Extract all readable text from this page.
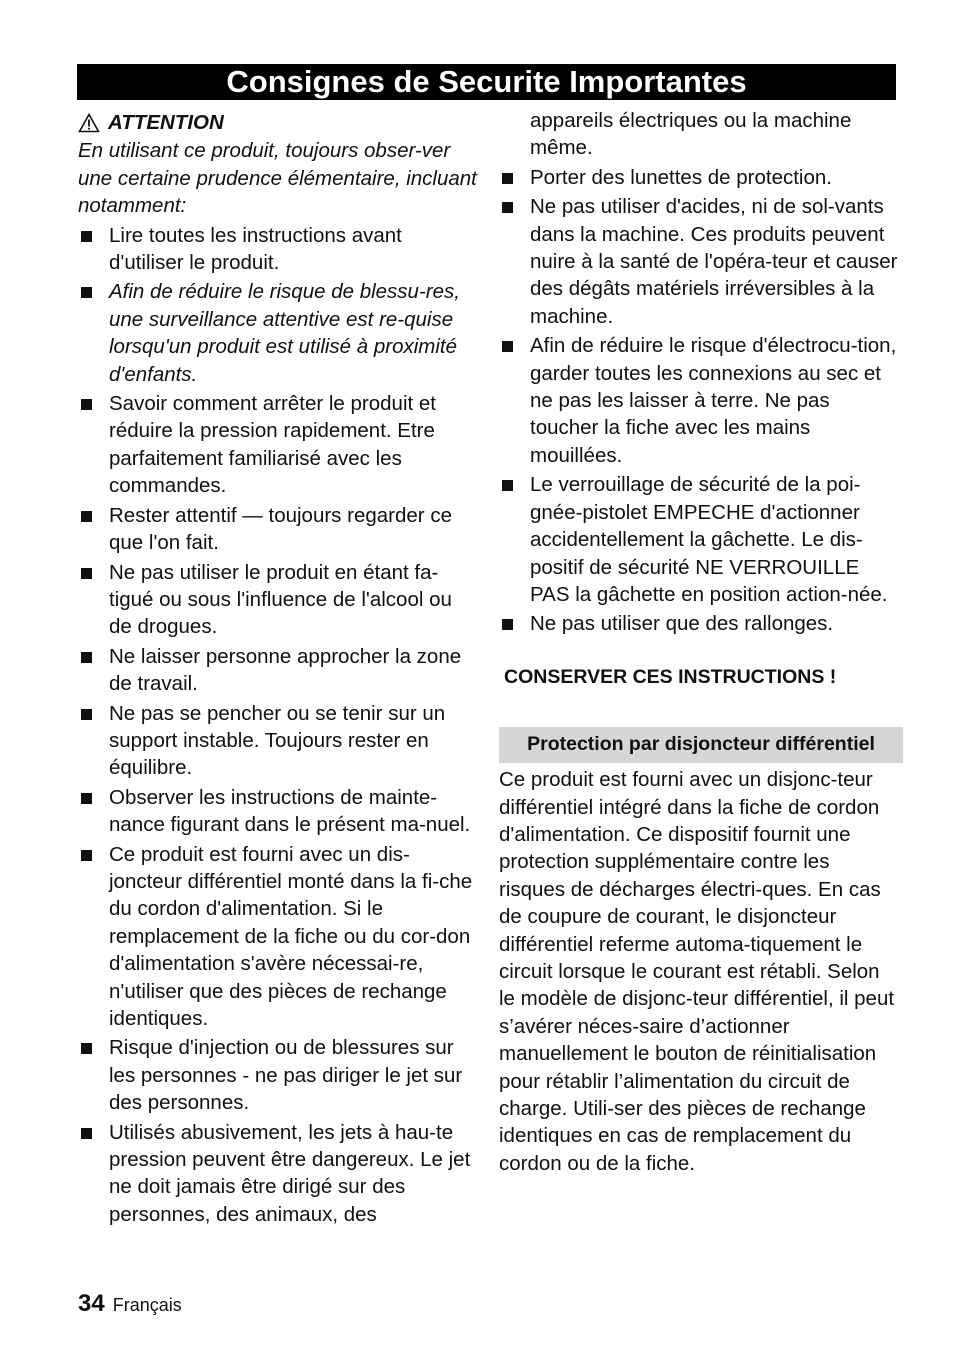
Consignes de Securite Importantes
ATTENTION

En utilisant ce produit, toujours obser-ver une certaine prudence élémentaire, incluant notamment:

Lire toutes les instructions avant d'utiliser le produit.
Afin de réduire le risque de blessu-res, une surveillance attentive est re-quise lorsqu'un produit est utilisé à proximité d'enfants.
Savoir comment arrêter le produit et réduire la pression rapidement. Etre parfaitement familiarisé avec les commandes.
Rester attentif — toujours regarder ce que l'on fait.
Ne pas utiliser le produit en étant fa-tigué ou sous l'influence de l'alcool ou de drogues.
Ne laisser personne approcher la zone de travail.
Ne pas se pencher ou se tenir sur un support instable. Toujours rester en équilibre.
Observer les instructions de mainte-nance figurant dans le présent ma-nuel.
Ce produit est fourni avec un dis-joncteur différentiel monté dans la fi-che du cordon d'alimentation. Si le remplacement de la fiche ou du cor-don d'alimentation s'avère nécessai-re, n'utiliser que des pièces de rechange identiques.
Risque d'injection ou de blessures sur les personnes - ne pas diriger le jet sur des personnes.
Utilisés abusivement, les jets à hau-te pression peuvent être dangereux. Le jet ne doit jamais être dirigé sur des personnes, des animaux, des

appareils électriques ou la machine même.

Porter des lunettes de protection.
Ne pas utiliser d'acides, ni de sol-vants dans la machine. Ces produits peuvent nuire à la santé de l'opéra-teur et causer des dégâts matériels irréversibles à la machine.
Afin de réduire le risque d'électrocu-tion, garder toutes les connexions au sec et ne pas les laisser à terre. Ne pas toucher la fiche avec les mains mouillées.
Le verrouillage de sécurité de la poi-gnée-pistolet EMPECHE d'actionner accidentellement la gâchette. Le dis-positif de sécurité NE VERROUILLE PAS la gâchette en position action-née.
Ne pas utiliser que des rallonges.

CONSERVER CES INSTRUCTIONS !

Protection par disjoncteur différentiel

Ce produit est fourni avec un disjonc-teur différentiel intégré dans la fiche de cordon d'alimentation. Ce dispositif fournit une protection supplémentaire contre les risques de décharges électri-ques. En cas de coupure de courant, le disjoncteur différentiel referme automa-tiquement le circuit lorsque le courant est rétabli. Selon le modèle de disjonc-teur différentiel, il peut s’avérer néces-saire d’actionner manuellement le bouton de réinitialisation pour rétablir l’alimentation du circuit de charge. Utili-ser des pièces de rechange identiques en cas de remplacement du cordon ou de la fiche.

34 Français
